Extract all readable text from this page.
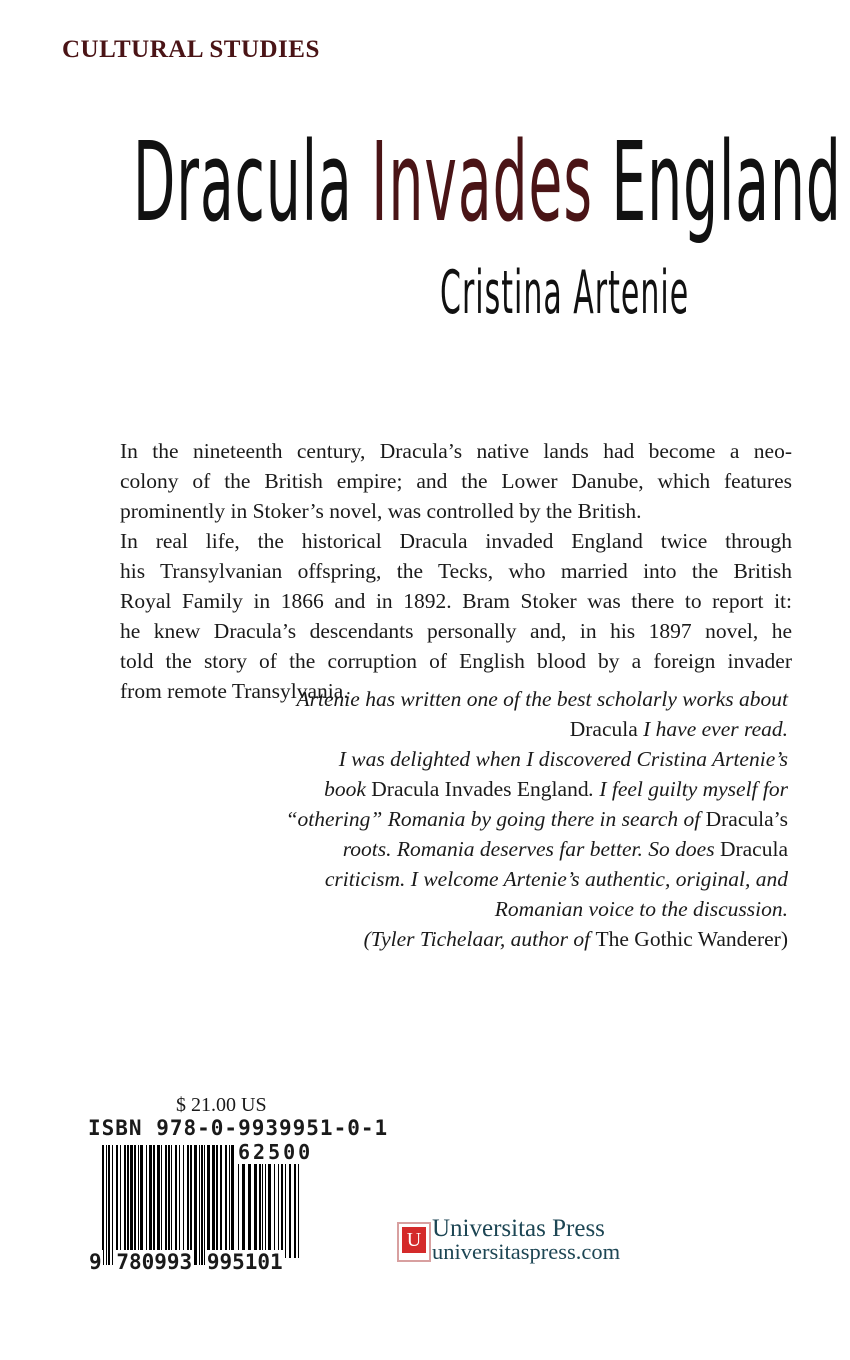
CULTURAL STUDIES
Dracula Invades England
Cristina Artenie
In the nineteenth century, Dracula’s native lands had become a neo-
colony of the British empire; and the Lower Danube, which features
prominently in Stoker’s novel, was controlled by the British.
In real life, the historical Dracula invaded England twice through
his Transylvanian offspring, the Tecks, who married into the British
Royal Family in 1866 and in 1892. Bram Stoker was there to report it:
he knew Dracula’s descendants personally and, in his 1897 novel, he
told the story of the corruption of English blood by a foreign invader
from remote Transylvania.
Artenie has written one of the best scholarly works about
Dracula I have ever read.
I was delighted when I discovered Cristina Artenie’s
book Dracula Invades England. I feel guilty myself for
“othering” Romania by going there in search of Dracula’s
roots. Romania deserves far better. So does Dracula
criticism. I welcome Artenie’s authentic, original, and
Romanian voice to the discussion.
(Tyler Tichelaar, author of The Gothic Wanderer)
$ 21.00 US
ISBN 978-0-9939951-0-1
62500
9 780993 995101
U Universitas Press
universitaspress.com
